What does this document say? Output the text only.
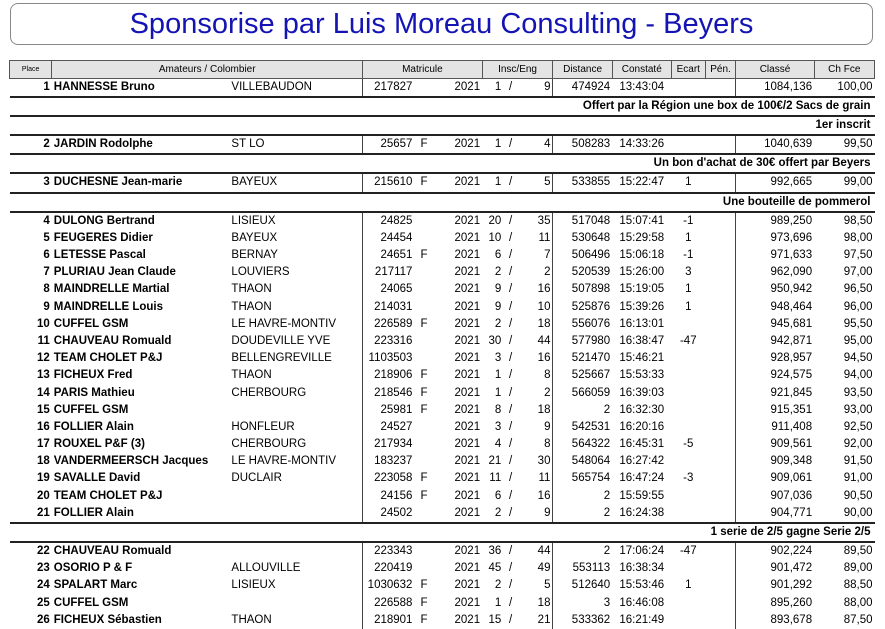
Sponsorise par Luis Moreau Consulting - Beyers
Place	Amateurs / Colombier		Matricule			Insc/Eng			Distance	Constaté	Ecart	Pén.	Classé	Ch Fce
1	HANNESSE Bruno	VILLEBAUDON	217827		2021	1	/	9	474924	13:43:04			1084,136	100,00
Offert par la Région une box de 100€/2 Sacs de grain														
1er inscrit														
2	JARDIN Rodolphe	ST LO	25657	F	2021	1	/	4	508283	14:33:26			1040,639	99,50
Un bon d'achat de 30€ offert par Beyers														
3	DUCHESNE Jean-marie	BAYEUX	215610	F	2021	1	/	5	533855	15:22:47	1		992,665	99,00
Une bouteille de pommerol														
4	DULONG Bertrand	LISIEUX	24825		2021	20	/	35	517048	15:07:41	-1		989,250	98,50
5	FEUGERES Didier	BAYEUX	24454		2021	10	/	11	530648	15:29:58	1		973,696	98,00
6	LETESSE Pascal	BERNAY	24651	F	2021	6	/	7	506496	15:06:18	-1		971,633	97,50
7	PLURIAU Jean Claude	LOUVIERS	217117		2021	2	/	2	520539	15:26:00	3		962,090	97,00
8	MAINDRELLE Martial	THAON	24065		2021	9	/	16	507898	15:19:05	1		950,942	96,50
9	MAINDRELLE Louis	THAON	214031		2021	9	/	10	525876	15:39:26	1		948,464	96,00
10	CUFFEL GSM	LE HAVRE-MONTIV	226589	F	2021	2	/	18	556076	16:13:01			945,681	95,50
11	CHAUVEAU Romuald	DOUDEVILLE YVE	223316		2021	30	/	44	577980	16:38:47	-47		942,871	95,00
12	TEAM CHOLET P&J	BELLENGREVILLE	1103503		2021	3	/	16	521470	15:46:21			928,957	94,50
13	FICHEUX Fred	THAON	218906	F	2021	1	/	8	525667	15:53:33			924,575	94,00
14	PARIS Mathieu	CHERBOURG	218546	F	2021	1	/	2	566059	16:39:03			921,845	93,50
15	CUFFEL GSM		25981	F	2021	8	/	18	2	16:32:30			915,351	93,00
16	FOLLIER Alain	HONFLEUR	24527		2021	3	/	9	542531	16:20:16			911,408	92,50
17	ROUXEL P&F (3)	CHERBOURG	217934		2021	4	/	8	564322	16:45:31	-5		909,561	92,00
18	VANDERMEERSCH Jacques	LE HAVRE-MONTIV	183237		2021	21	/	30	548064	16:27:42			909,348	91,50
19	SAVALLE David	DUCLAIR	223058	F	2021	11	/	11	565754	16:47:24	-3		909,061	91,00
20	TEAM CHOLET P&J		24156	F	2021	6	/	16	2	15:59:55			907,036	90,50
21	FOLLIER Alain		24502		2021	2	/	9	2	16:24:38			904,771	90,00
1 serie de 2/5 gagne Serie 2/5														
22	CHAUVEAU Romuald		223343		2021	36	/	44	2	17:06:24	-47		902,224	89,50
23	OSORIO P & F	ALLOUVILLE	220419		2021	45	/	49	553113	16:38:34			901,472	89,00
24	SPALART Marc	LISIEUX	1030632	F	2021	2	/	5	512640	15:53:46	1		901,292	88,50
25	CUFFEL GSM		226588	F	2021	1	/	18	3	16:46:08			895,260	88,00
26	FICHEUX Sébastien	THAON	218901	F	2021	15	/	21	533362	16:21:49			893,678	87,50
